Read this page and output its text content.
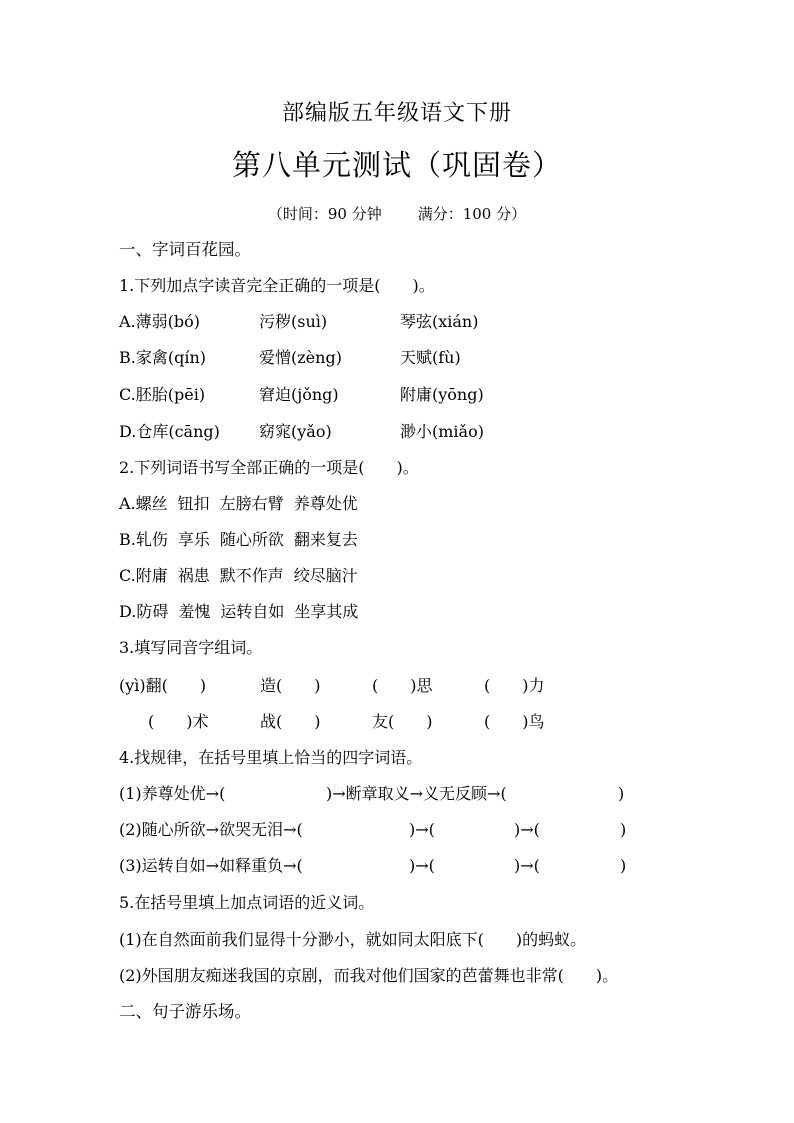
部编版五年级语文下册
第八单元测试（巩固卷）
（时间：90 分钟 满分：100 分）
一、字词百花园。
1.下列加点字读音完全正确的一项是(　　)。
A.薄弱(bó)	污秽(suì)	琴弦(xián)
B.家禽(qín)	爱憎(zèng)	天赋(fù)
C.胚胎(pēi)	窘迫(jǒng)	附庸(yōng)
D.仓库(cāng) 窈窕(yǎo)	渺小(miǎo)
2.下列词语书写全部正确的一项是(　　)。
A.螺丝 钮扣 左膀右臂 养尊处优
B.轧伤 享乐 随心所欲 翻来复去
C.附庸 祸患 默不作声 绞尽脑汁
D.防碍 羞愧 运转自如 坐享其成
3.填写同音字组词。
(yì)翻(　　)	造(　　)	(　　)思	(　　)力
(　　)术	战(　　)	友(　　)	(　　)鸟
4.找规律，在括号里填上恰当的四字词语。
(1)养尊处优→(	)→断章取义→义无反顾→(	)
(2)随心所欲→欲哭无泪→(	)→(	)→(	)
(3)运转自如→如释重负→(	)→(	)→(	)
5.在括号里填上加点词语的近义词。
(1)在自然面前我们显得十分渺小，就如同太阳底下(　　)的蚂蚁。
(2)外国朋友痴迷我国的京剧，而我对他们国家的芭蕾舞也非常(　　)。
二、句子游乐场。
